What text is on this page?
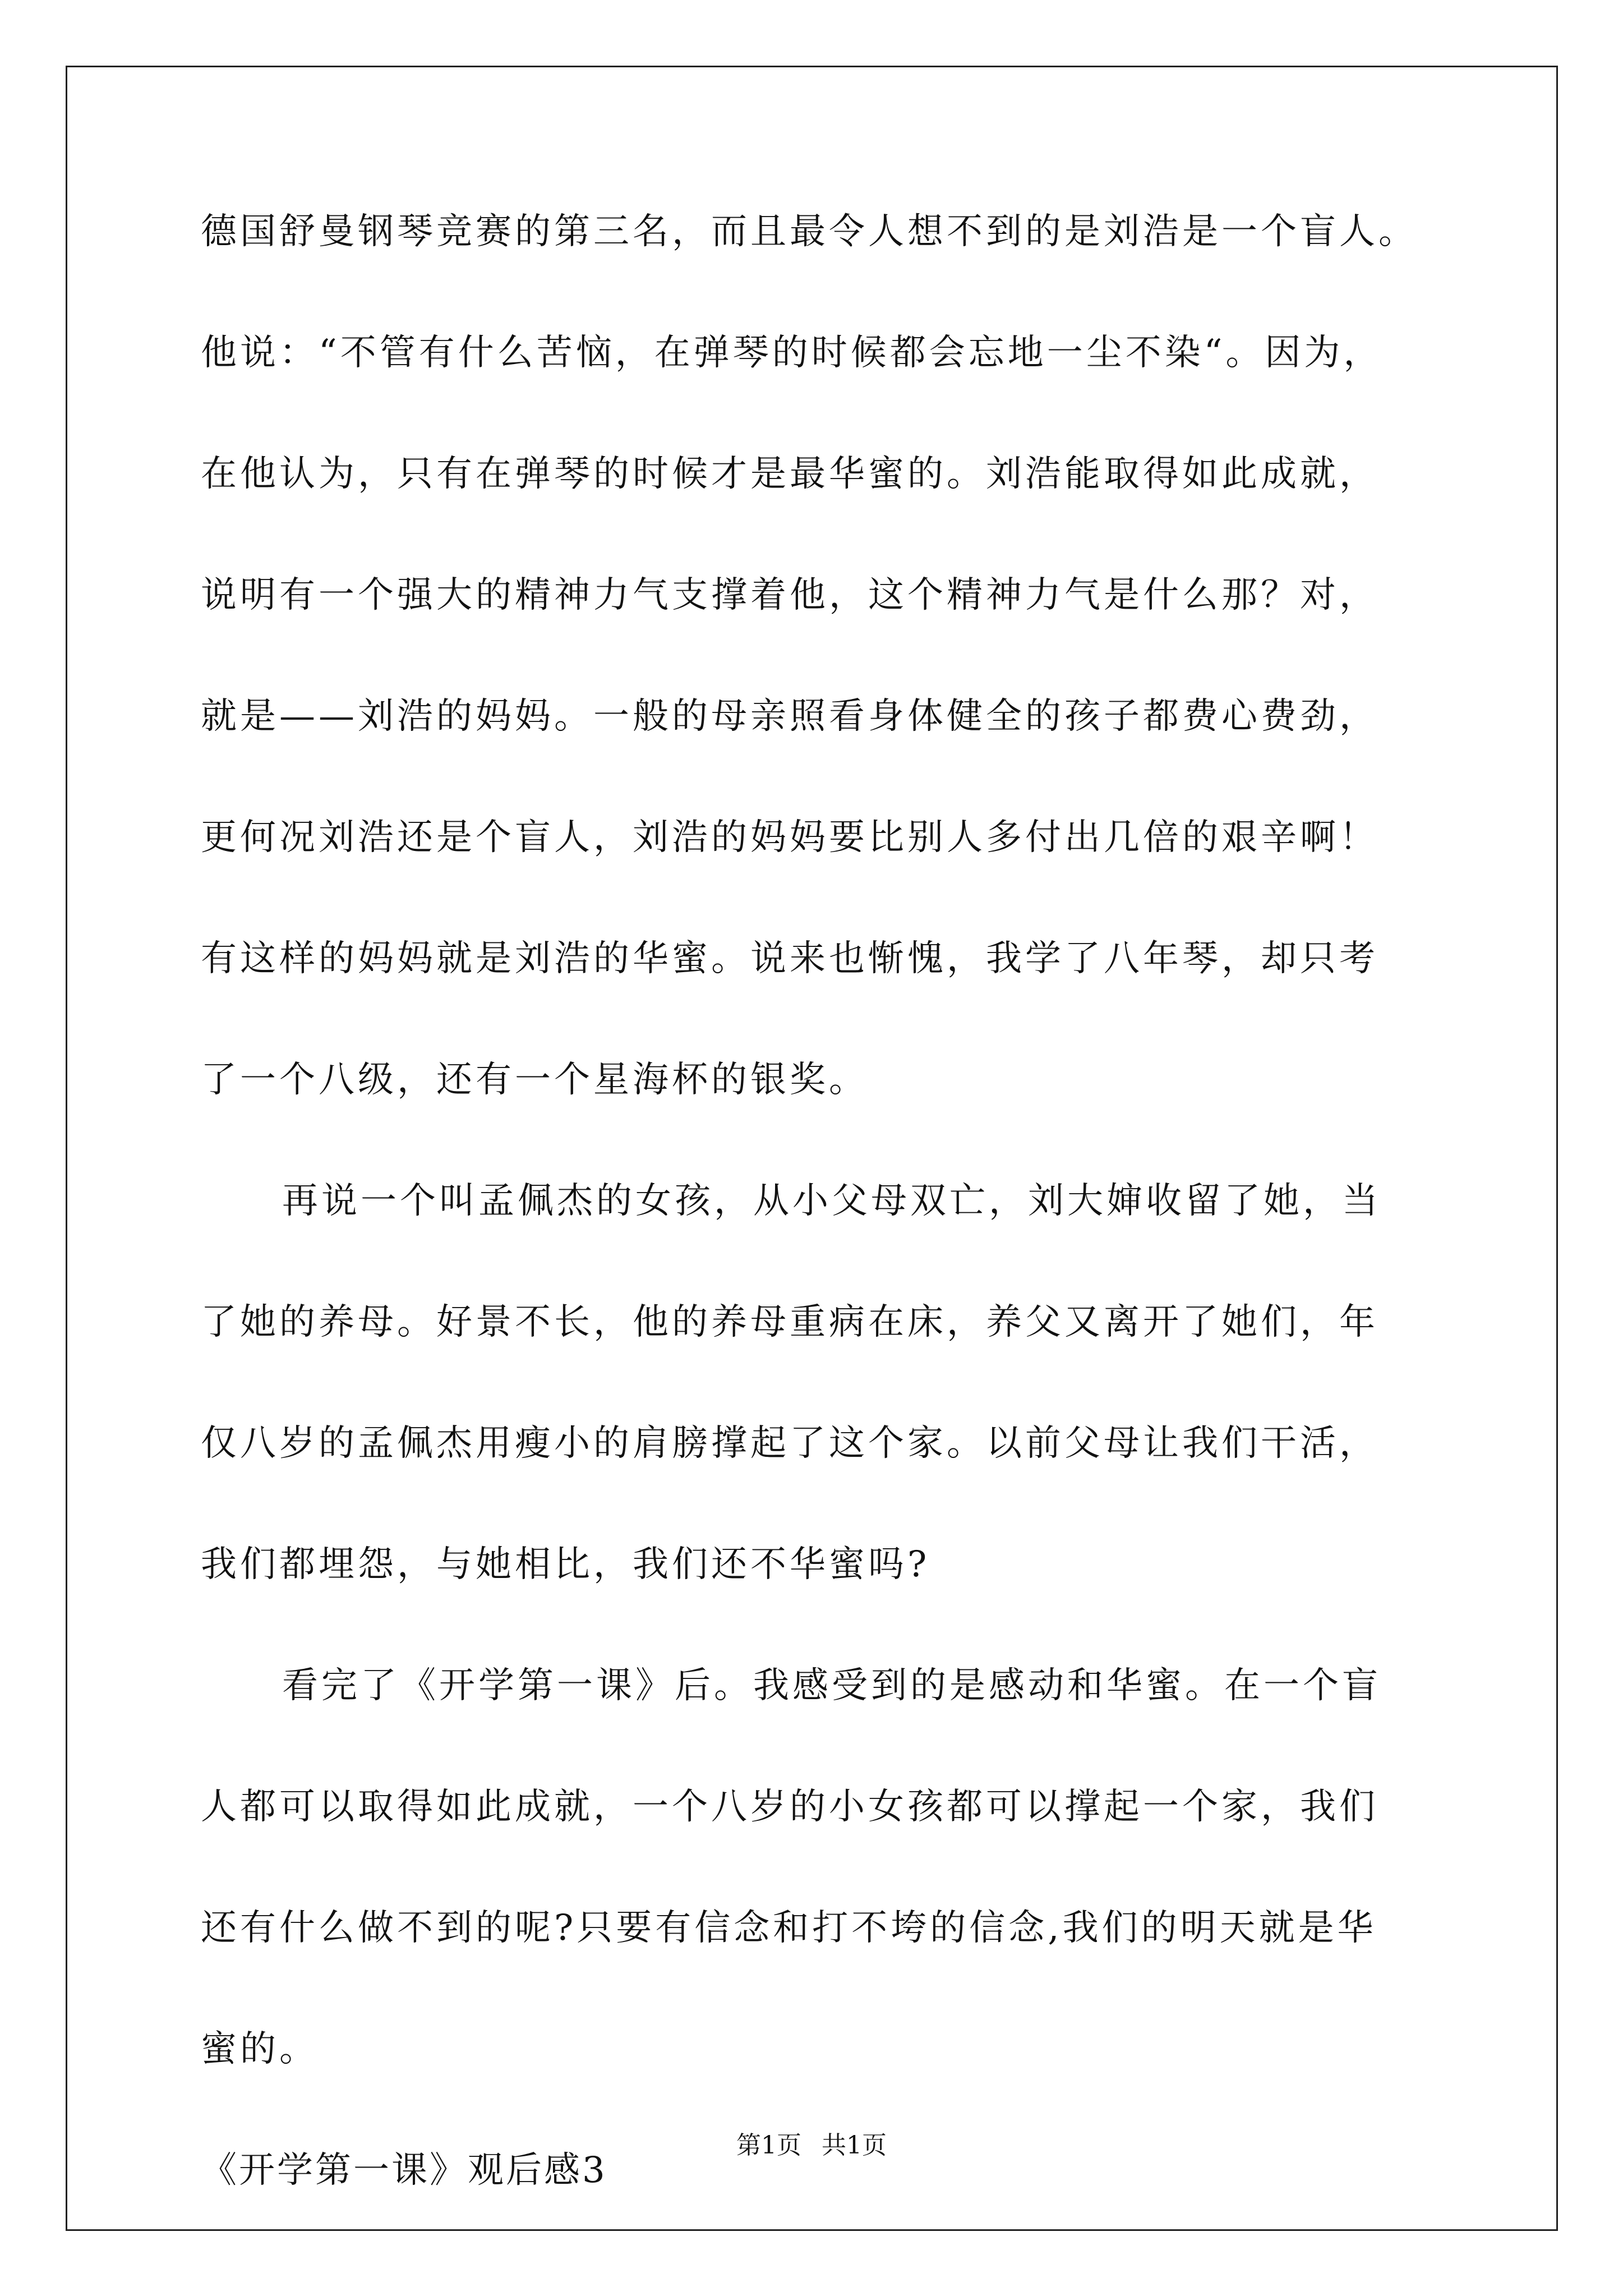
德国舒曼钢琴竞赛的第三名，而且最令人想不到的是刘浩是一个盲人。
他说：“不管有什么苦恼，在弹琴的时候都会忘地一尘不染“。因为，
在他认为，只有在弹琴的时候才是最华蜜的。刘浩能取得如此成就，
说明有一个强大的精神力气支撑着他，这个精神力气是什么那？对，
就是——刘浩的妈妈。一般的母亲照看身体健全的孩子都费心费劲，
更何况刘浩还是个盲人，刘浩的妈妈要比别人多付出几倍的艰辛啊！
有这样的妈妈就是刘浩的华蜜。说来也惭愧，我学了八年琴，却只考
了一个八级，还有一个星海杯的银奖。
再说一个叫孟佩杰的女孩，从小父母双亡，刘大婶收留了她，当
了她的养母。好景不长，他的养母重病在床，养父又离开了她们，年
仅八岁的孟佩杰用瘦小的肩膀撑起了这个家。以前父母让我们干活，
我们都埋怨，与她相比，我们还不华蜜吗?
看完了《开学第一课》后。我感受到的是感动和华蜜。在一个盲
人都可以取得如此成就，一个八岁的小女孩都可以撑起一个家，我们
还有什么做不到的呢?只要有信念和打不垮的信念,我们的明天就是华
蜜的。
《开学第一课》观后感3
第1页 共1页
